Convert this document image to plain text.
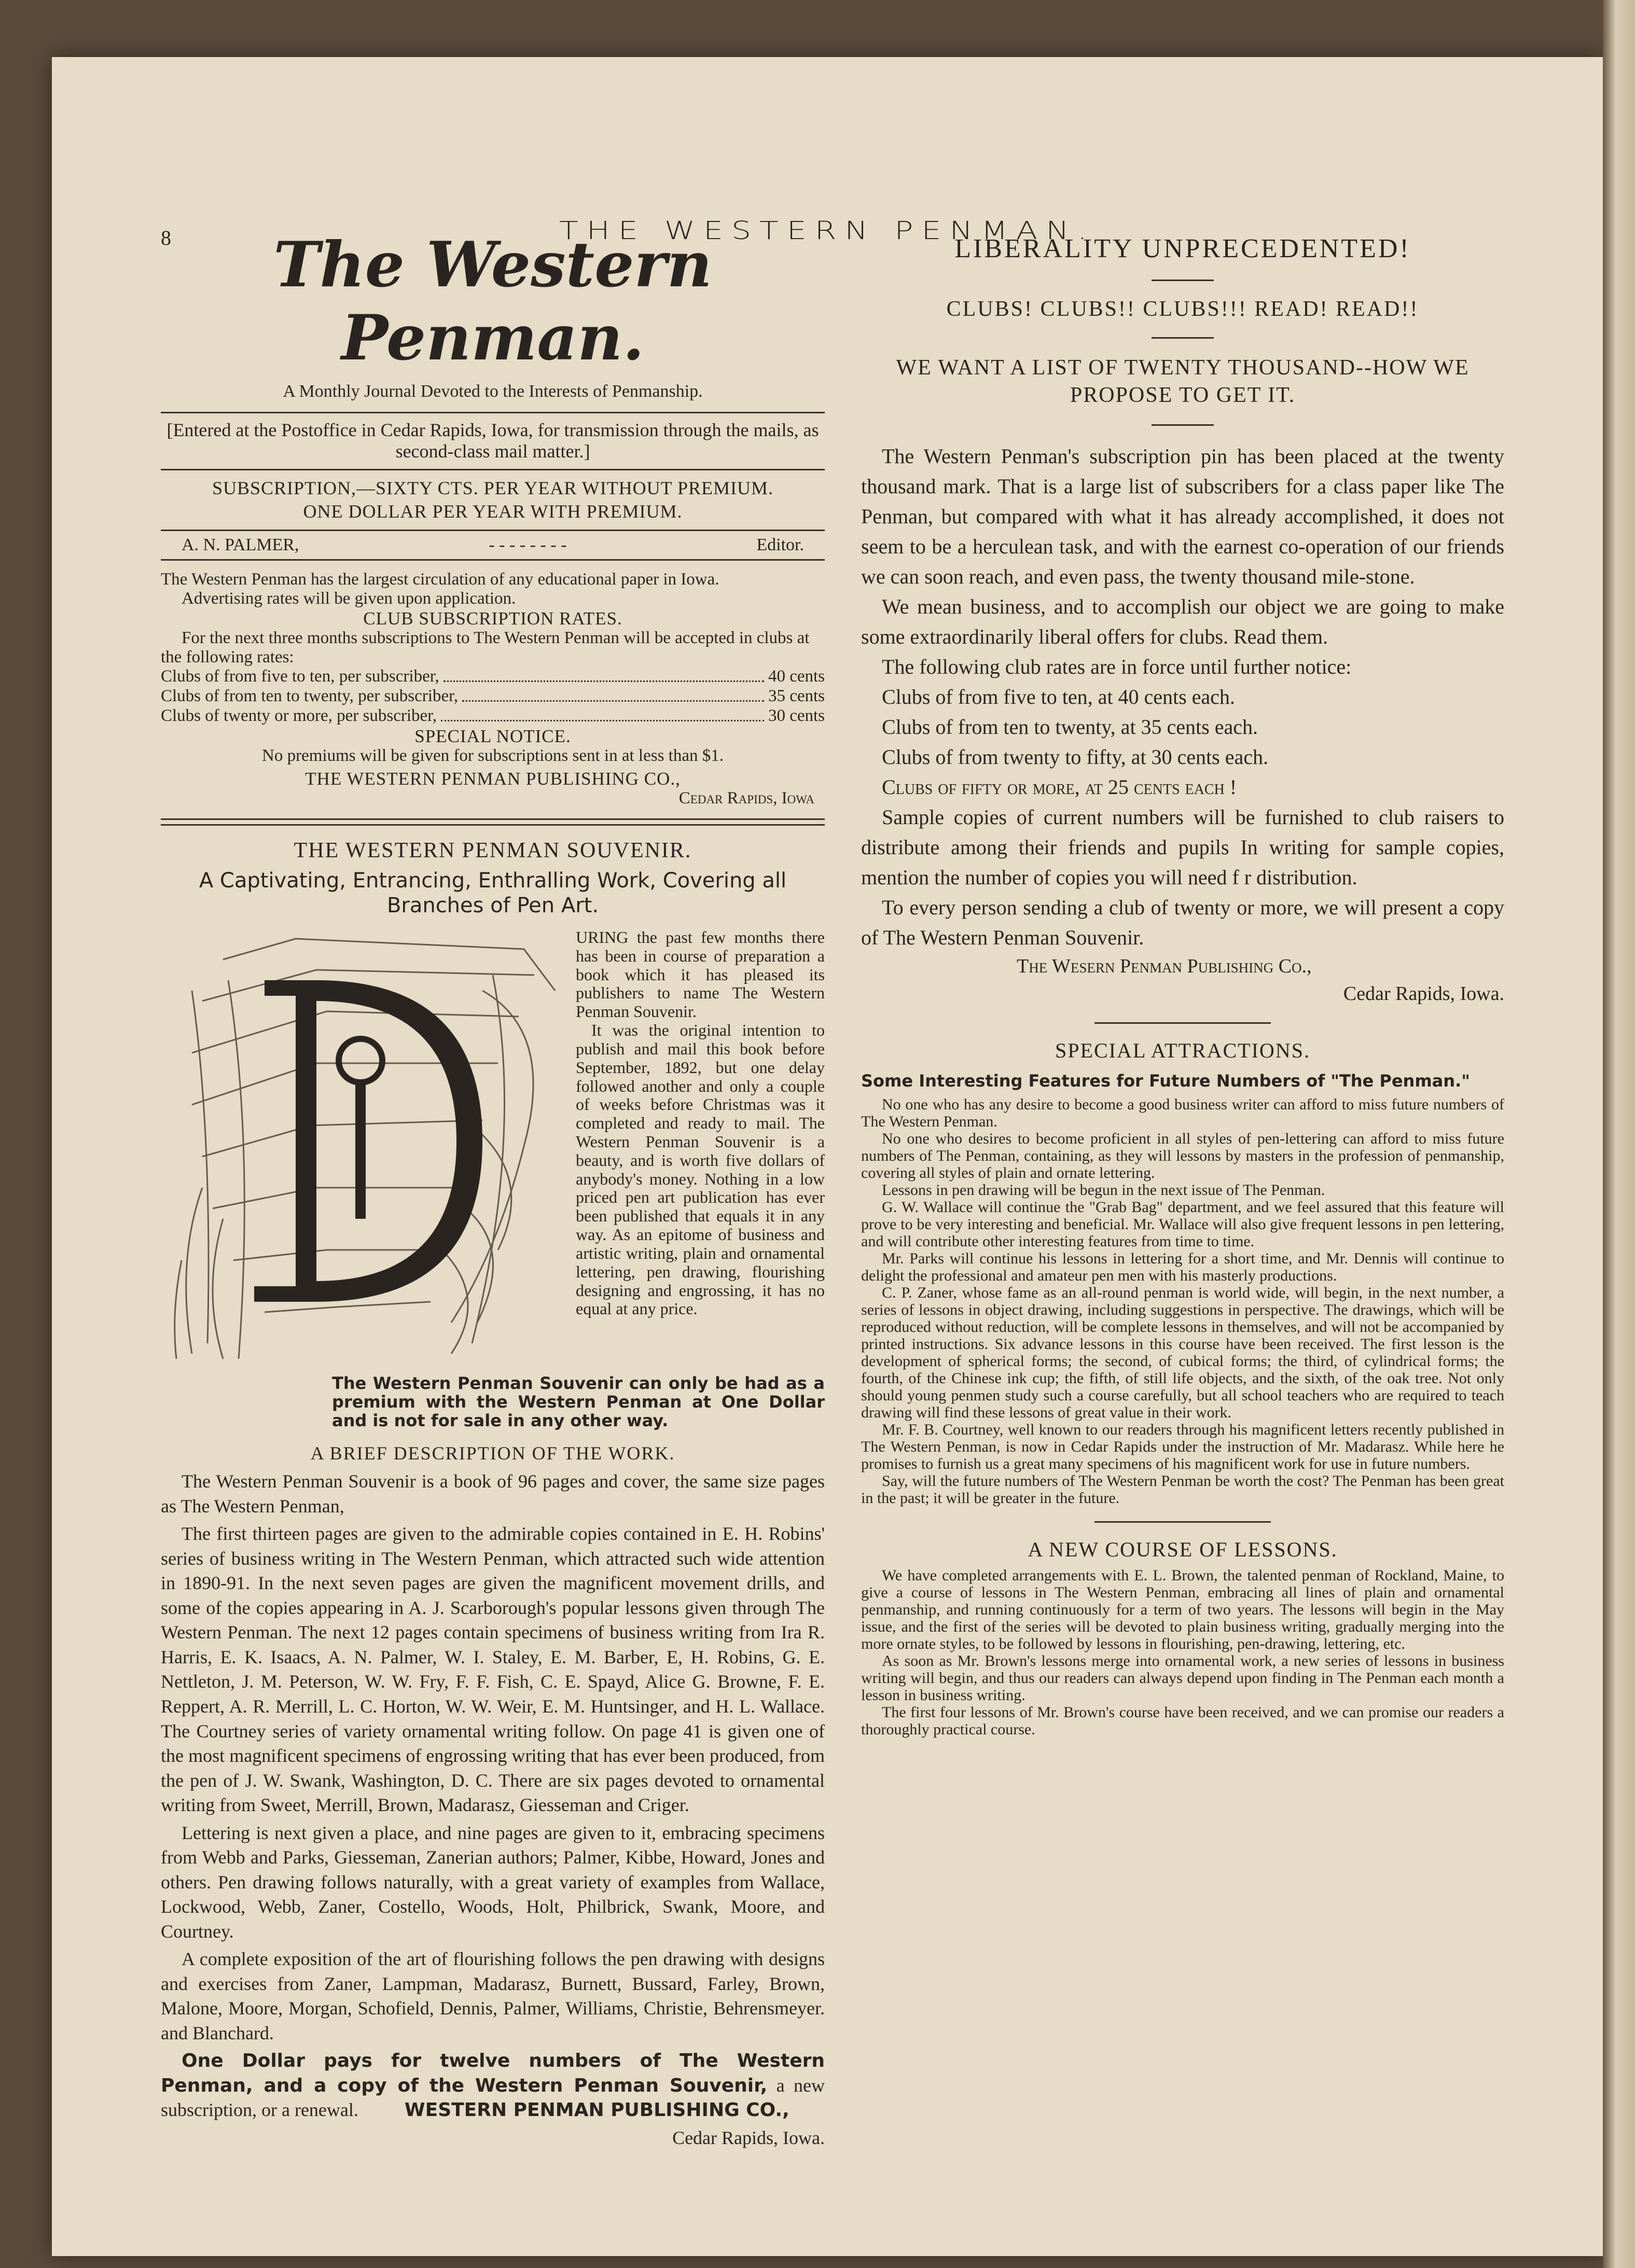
8	THE WESTERN PENMAN.
The Western Penman.
A Monthly Journal Devoted to the Interests of Penmanship.
[Entered at the Postoffice in Cedar Rapids, Iowa, for transmission through the mails, as second-class mail matter.]
SUBSCRIPTION,—SIXTY CTS. PER YEAR WITHOUT PREMIUM.
ONE DOLLAR PER YEAR WITH PREMIUM.
A. N. PALMER,	- - - - - - - -	Editor.
The Western Penman has the largest circulation of any educational paper in Iowa.
Advertising rates will be given upon application.
CLUB SUBSCRIPTION RATES.
For the next three months subscriptions to The Western Penman will be accepted in clubs at the following rates:
Clubs of from five to ten, per subscriber,	40 cents
Clubs of from ten to twenty, per subscriber,	35 cents
Clubs of twenty or more, per subscriber,	30 cents
SPECIAL NOTICE.
No premiums will be given for subscriptions sent in at less than $1.
THE WESTERN PENMAN PUBLISHING CO.,
Cedar Rapids, Iowa
THE WESTERN PENMAN SOUVENIR.
A Captivating, Entrancing, Enthralling Work, Covering all Branches of Pen Art.
D
URING the past few months there has been in course of preparation a book which it has pleased its publishers to name The Western Penman Souvenir.
It was the original intention to publish and mail this book before September, 1892, but one delay followed another and only a couple of weeks before Christmas was it completed and ready to mail. The Western Penman Souvenir is a beauty, and is worth five dollars of anybody's money. Nothing in a low priced pen art publication has ever been published that equals it in any way. As an epitome of business and artistic writing, plain and ornamental lettering, pen drawing, flourishing designing and engrossing, it has no equal at any price.
The Western Penman Souvenir can only be had as a premium with the Western Penman at One Dollar and is not for sale in any other way.
A BRIEF DESCRIPTION OF THE WORK.

The Western Penman Souvenir is a book of 96 pages and cover, the same size pages as The Western Penman,

The first thirteen pages are given to the admirable copies contained in E. H. Robins' series of business writing in The Western Penman, which attracted such wide attention in 1890-91. In the next seven pages are given the magnificent movement drills, and some of the copies appearing in A. J. Scarborough's popular lessons given through The Western Penman. The next 12 pages contain specimens of business writing from Ira R. Harris, E. K. Isaacs, A. N. Palmer, W. I. Staley, E. M. Barber, E, H. Robins, G. E. Nettleton, J. M. Peterson, W. W. Fry, F. F. Fish, C. E. Spayd, Alice G. Browne, F. E. Reppert, A. R. Merrill, L. C. Horton, W. W. Weir, E. M. Huntsinger, and H. L. Wallace. The Courtney series of variety ornamental writing follow. On page 41 is given one of the most magnificent specimens of engrossing writing that has ever been produced, from the pen of J. W. Swank, Washington, D. C. There are six pages devoted to ornamental writing from Sweet, Merrill, Brown, Madarasz, Giesseman and Criger.

Lettering is next given a place, and nine pages are given to it, embracing specimens from Webb and Parks, Giesseman, Zanerian authors; Palmer, Kibbe, Howard, Jones and others. Pen drawing follows naturally, with a great variety of examples from Wallace, Lockwood, Webb, Zaner, Costello, Woods, Holt, Philbrick, Swank, Moore, and Courtney.

A complete exposition of the art of flourishing follows the pen drawing with designs and exercises from Zaner, Lampman, Madarasz, Burnett, Bussard, Farley, Brown, Malone, Moore, Morgan, Schofield, Dennis, Palmer, Williams, Christie, Behrensmeyer. and Blanchard.

One Dollar pays for twelve numbers of The Western Penman, and a copy of the Western Penman Souvenir, a new subscription, or a renewal. WESTERN PENMAN PUBLISHING CO.,

Cedar Rapids, Iowa.
LIBERALITY UNPRECEDENTED!
CLUBS! CLUBS!! CLUBS!!! READ! READ!!
WE WANT A LIST OF TWENTY THOUSAND--HOW WE PROPOSE TO GET IT.

The Western Penman's subscription pin has been placed at the twenty thousand mark. That is a large list of subscribers for a class paper like The Penman, but compared with what it has already accomplished, it does not seem to be a herculean task, and with the earnest co-operation of our friends we can soon reach, and even pass, the twenty thousand mile-stone.

We mean business, and to accomplish our object we are going to make some extraordinarily liberal offers for clubs. Read them.

The following club rates are in force until further notice:

Clubs of from five to ten, at 40 cents each.
Clubs of from ten to twenty, at 35 cents each.
Clubs of from twenty to fifty, at 30 cents each.
Clubs of fifty or more, at 25 cents each !

Sample copies of current numbers will be furnished to club raisers to distribute among their friends and pupils In writing for sample copies, mention the number of copies you will need f r distribution.

To every person sending a club of twenty or more, we will present a copy of The Western Penman Souvenir.

The Wesern Penman Publishing Co.,
Cedar Rapids, Iowa.
SPECIAL ATTRACTIONS.
Some Interesting Features for Future Numbers of "The Penman."

No one who has any desire to become a good business writer can afford to miss future numbers of The Western Penman.

No one who desires to become proficient in all styles of pen-lettering can afford to miss future numbers of The Penman, containing, as they will lessons by masters in the profession of penmanship, covering all styles of plain and ornate lettering.

Lessons in pen drawing will be begun in the next issue of The Penman.

G. W. Wallace will continue the "Grab Bag" department, and we feel assured that this feature will prove to be very interesting and beneficial. Mr. Wallace will also give frequent lessons in pen lettering, and will contribute other interesting features from time to time.

Mr. Parks will continue his lessons in lettering for a short time, and Mr. Dennis will continue to delight the professional and amateur pen men with his masterly productions.

C. P. Zaner, whose fame as an all-round penman is world wide, will begin, in the next number, a series of lessons in object drawing, including suggestions in perspective. The drawings, which will be reproduced without reduction, will be complete lessons in themselves, and will not be accompanied by printed instructions. Six advance lessons in this course have been received. The first lesson is the development of spherical forms; the second, of cubical forms; the third, of cylindrical forms; the fourth, of the Chinese ink cup; the fifth, of still life objects, and the sixth, of the oak tree. Not only should young penmen study such a course carefully, but all school teachers who are required to teach drawing will find these lessons of great value in their work.

Mr. F. B. Courtney, well known to our readers through his magnificent letters recently published in The Western Penman, is now in Cedar Rapids under the instruction of Mr. Madarasz. While here he promises to furnish us a great many specimens of his magnificent work for use in future numbers.

Say, will the future numbers of The Western Penman be worth the cost? The Penman has been great in the past; it will be greater in the future.

A NEW COURSE OF LESSONS.

We have completed arrangements with E. L. Brown, the talented penman of Rockland, Maine, to give a course of lessons in The Western Penman, embracing all lines of plain and ornamental penmanship, and running continuously for a term of two years. The lessons will begin in the May issue, and the first of the series will be devoted to plain business writing, gradually merging into the more ornate styles, to be followed by lessons in flourishing, pen-drawing, lettering, etc.

As soon as Mr. Brown's lessons merge into ornamental work, a new series of lessons in business writing will begin, and thus our readers can always depend upon finding in The Penman each month a lesson in business writing.

The first four lessons of Mr. Brown's course have been received, and we can promise our readers a thoroughly practical course.
